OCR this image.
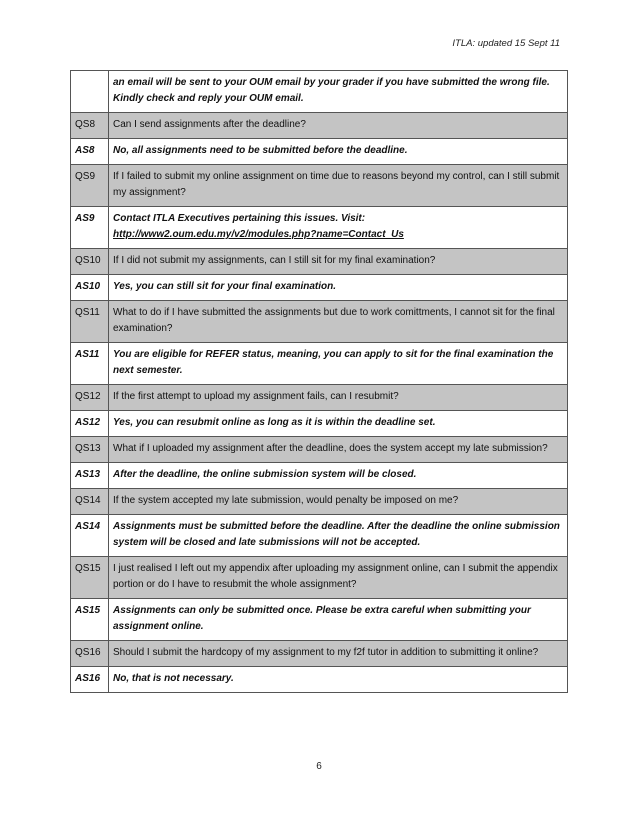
ITLA: updated 15 Sept 11
	an email will be sent to your OUM email by your grader if you have submitted the wrong file. Kindly check and reply your OUM email.
QS8	Can I send assignments after the deadline?
AS8	No, all assignments need to be submitted before the deadline.
QS9	If I failed to submit my online assignment on time due to reasons beyond my control, can I still submit my assignment?
AS9	Contact ITLA Executives pertaining this issues. Visit:
http://www2.oum.edu.my/v2/modules.php?name=Contact_Us
QS10	If I did not submit my assignments, can I still sit for my final examination?
AS10	Yes, you can still sit for your final examination.
QS11	What to do if I have submitted the assignments but due to work comittments, I cannot sit for the final examination?
AS11	You are eligible for REFER status, meaning, you can apply to sit for the final examination the next semester.
QS12	If the first attempt to upload my assignment fails, can I resubmit?
AS12	Yes, you can resubmit online as long as it is within the deadline set.
QS13	What if I uploaded my assignment after the deadline, does the system accept my late submission?
AS13	After the deadline, the online submission system will be closed.
QS14	If the system accepted my late submission, would penalty be imposed on me?
AS14	Assignments must be submitted before the deadline. After the deadline the online submission system will be closed and late submissions will not be accepted.
QS15	I just realised I left out my appendix after uploading my assignment online, can I submit the appendix portion or do I have to resubmit the whole assignment?
AS15	Assignments can only be submitted once. Please be extra careful when submitting your assignment online.
QS16	Should I submit the hardcopy of my assignment to my f2f tutor in addition to submitting it online?
AS16	No, that is not necessary.
6
